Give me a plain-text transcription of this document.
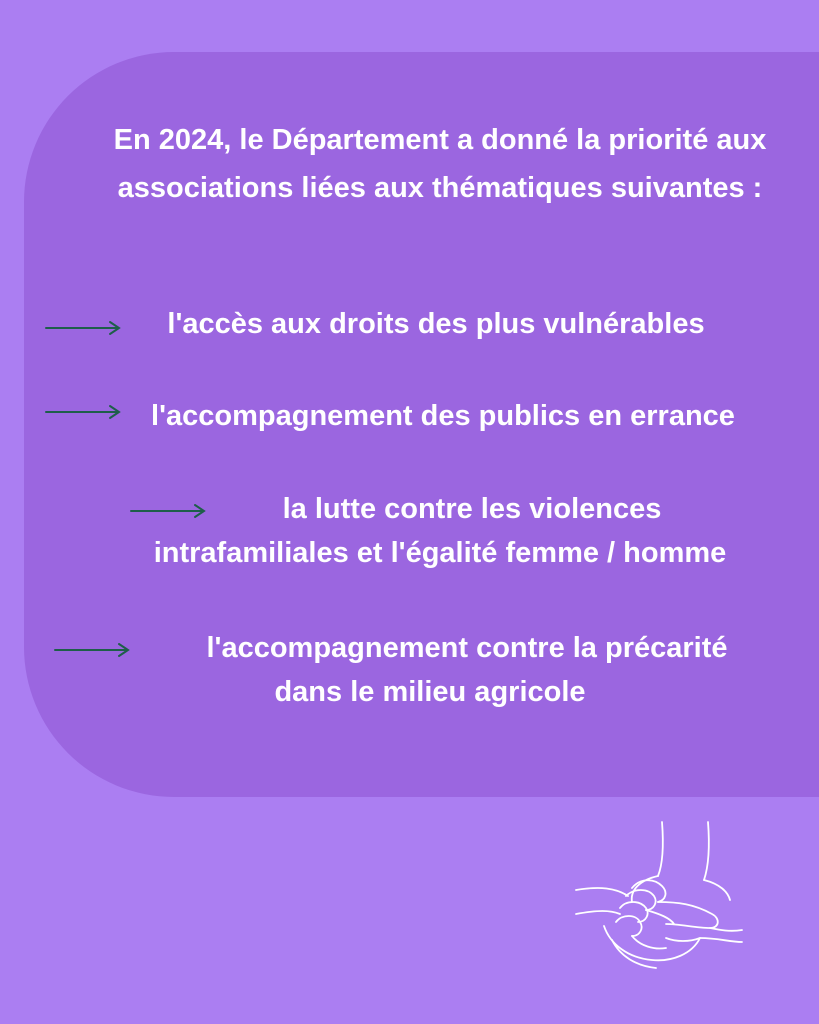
En 2024, le Département a donné la priorité aux associations liées aux thématiques suivantes :

l'accès aux droits des plus vulnérables

l'accompagnement des publics en errance

la lutte contre les violences
intrafamiliales et l'égalité femme / homme

l'accompagnement contre la précarité
dans le milieu agricole
